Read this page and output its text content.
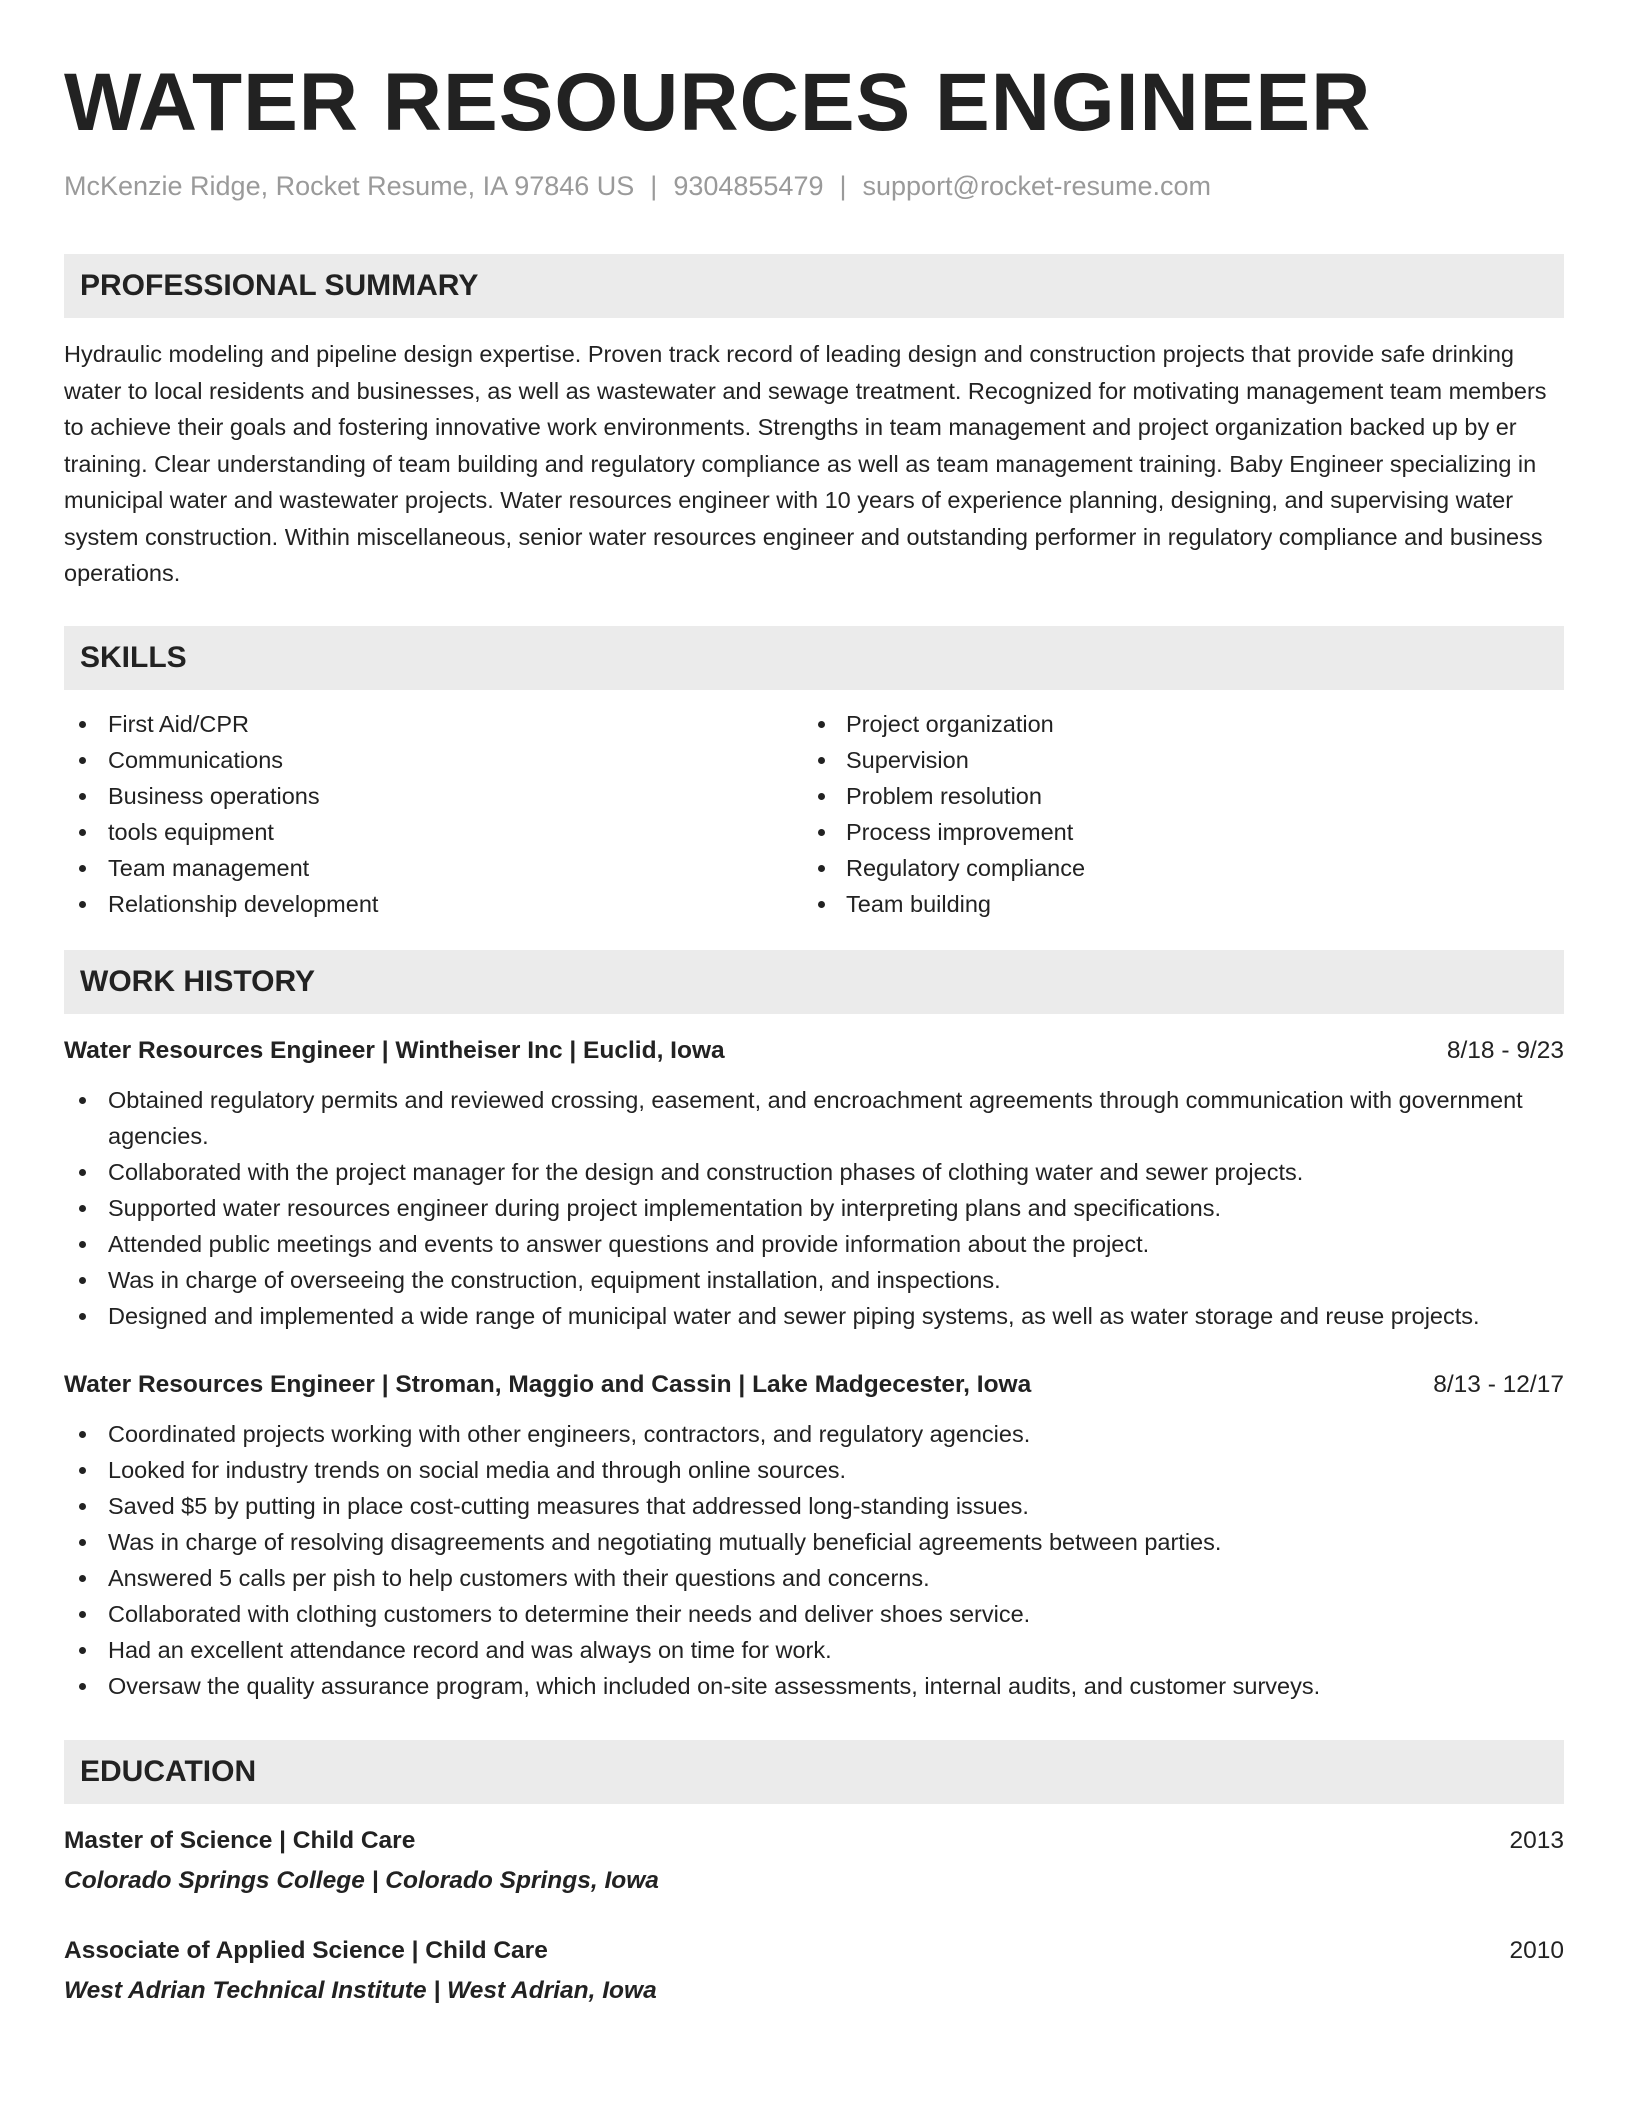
WATER RESOURCES ENGINEER
McKenzie Ridge, Rocket Resume, IA 97846 US | 9304855479 | support@rocket-resume.com
PROFESSIONAL SUMMARY
Hydraulic modeling and pipeline design expertise. Proven track record of leading design and construction projects that provide safe drinking water to local residents and businesses, as well as wastewater and sewage treatment. Recognized for motivating management team members to achieve their goals and fostering innovative work environments. Strengths in team management and project organization backed up by er training. Clear understanding of team building and regulatory compliance as well as team management training. Baby Engineer specializing in municipal water and wastewater projects. Water resources engineer with 10 years of experience planning, designing, and supervising water system construction. Within miscellaneous, senior water resources engineer and outstanding performer in regulatory compliance and business operations.
SKILLS
First Aid/CPR
Communications
Business operations
tools equipment
Team management
Relationship development
Project organization
Supervision
Problem resolution
Process improvement
Regulatory compliance
Team building
WORK HISTORY
Water Resources Engineer | Wintheiser Inc | Euclid, Iowa	8/18 - 9/23
Obtained regulatory permits and reviewed crossing, easement, and encroachment agreements through communication with government agencies.
Collaborated with the project manager for the design and construction phases of clothing water and sewer projects.
Supported water resources engineer during project implementation by interpreting plans and specifications.
Attended public meetings and events to answer questions and provide information about the project.
Was in charge of overseeing the construction, equipment installation, and inspections.
Designed and implemented a wide range of municipal water and sewer piping systems, as well as water storage and reuse projects.
Water Resources Engineer | Stroman, Maggio and Cassin | Lake Madgecester, Iowa	8/13 - 12/17
Coordinated projects working with other engineers, contractors, and regulatory agencies.
Looked for industry trends on social media and through online sources.
Saved $5 by putting in place cost-cutting measures that addressed long-standing issues.
Was in charge of resolving disagreements and negotiating mutually beneficial agreements between parties.
Answered 5 calls per pish to help customers with their questions and concerns.
Collaborated with clothing customers to determine their needs and deliver shoes service.
Had an excellent attendance record and was always on time for work.
Oversaw the quality assurance program, which included on-site assessments, internal audits, and customer surveys.
EDUCATION
Master of Science | Child Care	2013
Colorado Springs College | Colorado Springs, Iowa
Associate of Applied Science | Child Care	2010
West Adrian Technical Institute | West Adrian, Iowa
